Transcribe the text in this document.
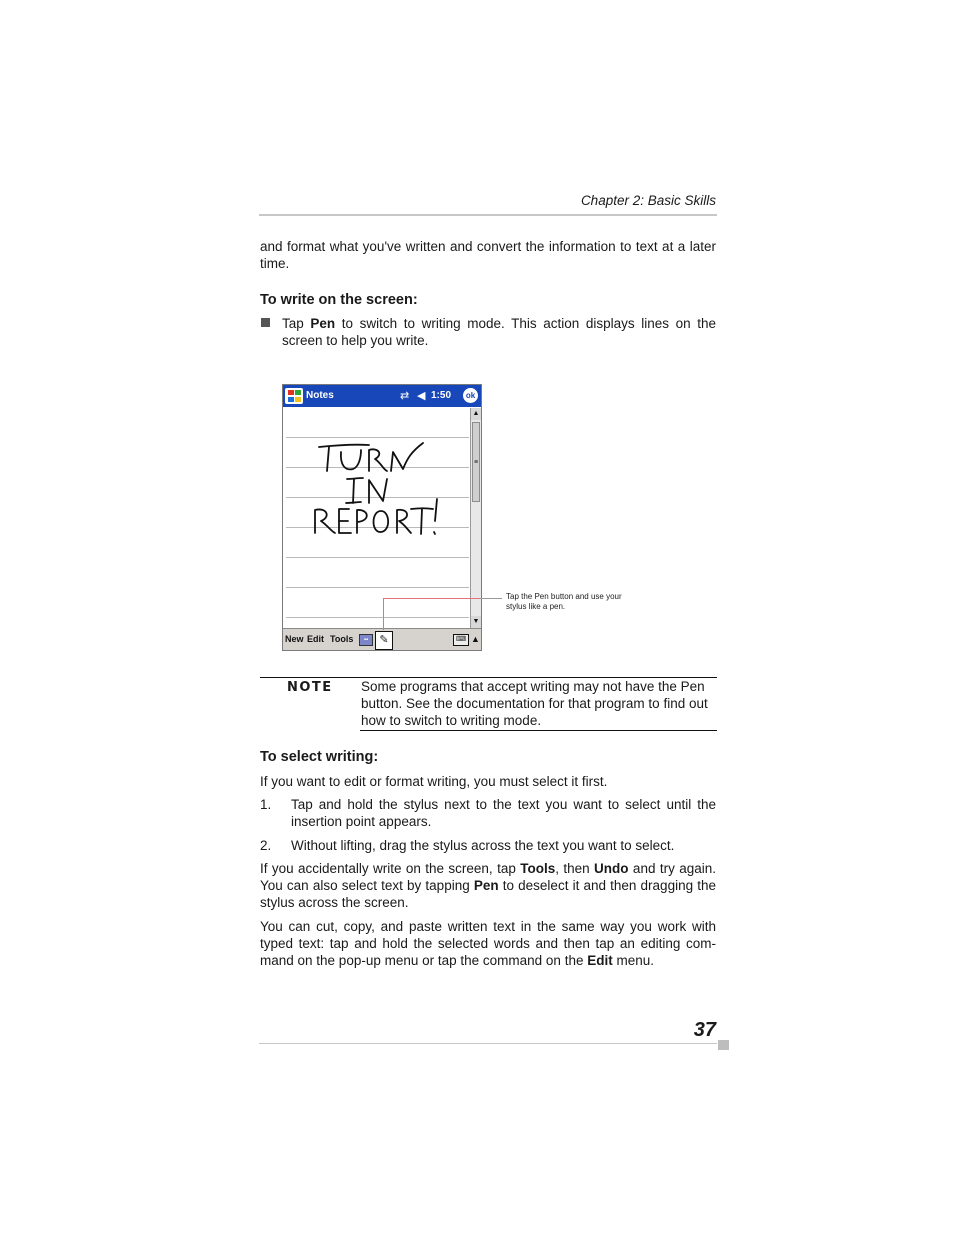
Chapter 2: Basic Skills

and format what you've written and convert the information to text at a later time.

To write on the screen:

Tap Pen to switch to writing mode. This action displays lines on the screen to help you write.

Notes	⇄ ◀ 1:50	ok
▲
≡
▼
New Edit Tools	▪▪	✎	⌨ ▲
Tap the Pen button and use your stylus like a pen.
NOTE Some programs that accept writing may not have the Pen button. See the documentation for that program to find out how to switch to writing mode.

To select writing:

If you want to edit or format writing, you must select it first.

1. Tap and hold the stylus next to the text you want to select until the insertion point appears.
2. Without lifting, drag the stylus across the text you want to select.

If you accidentally write on the screen, tap Tools, then Undo and try again. You can also select text by tapping Pen to deselect it and then dragging the stylus across the screen.

You can cut, copy, and paste written text in the same way you work with typed text: tap and hold the selected words and then tap an editing com-mand on the pop-up menu or tap the command on the Edit menu.

37
